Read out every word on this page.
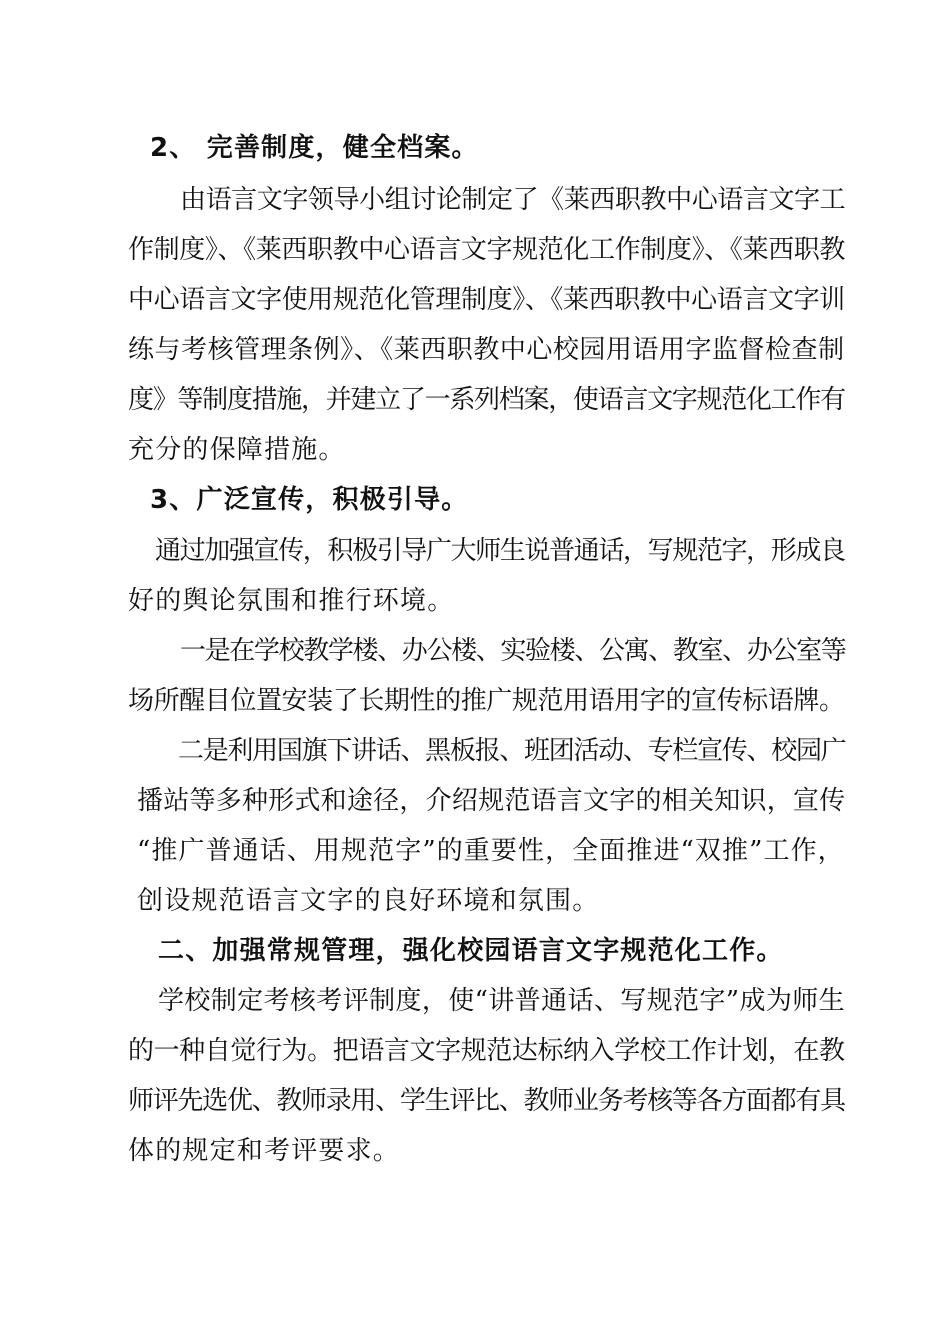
2、 完善制度，健全档案。
由语言文字领导小组讨论制定了《莱西职教中心语言文字工
作制度》、《莱西职教中心语言文字规范化工作制度》、《莱西职教
中心语言文字使用规范化管理制度》、《莱西职教中心语言文字训
练与考核管理条例》、《莱西职教中心校园用语用字监督检查制
度》等制度措施，并建立了一系列档案，使语言文字规范化工作有
充分的保障措施。
3、广泛宣传，积极引导。
通过加强宣传，积极引导广大师生说普通话，写规范字，形成良
好的舆论氛围和推行环境。
一是在学校教学楼、办公楼、实验楼、公寓、教室、办公室等
场所醒目位置安装了长期性的推广规范用语用字的宣传标语牌。
二是利用国旗下讲话、黑板报、班团活动、专栏宣传、校园广
播站等多种形式和途径，介绍规范语言文字的相关知识，宣传
“推广普通话、用规范字”的重要性，全面推进“双推”工作，
创设规范语言文字的良好环境和氛围。
二、加强常规管理，强化校园语言文字规范化工作。
学校制定考核考评制度，使“讲普通话、写规范字”成为师生
的一种自觉行为。把语言文字规范达标纳入学校工作计划，在教
师评先选优、教师录用、学生评比、教师业务考核等各方面都有具
体的规定和考评要求。
